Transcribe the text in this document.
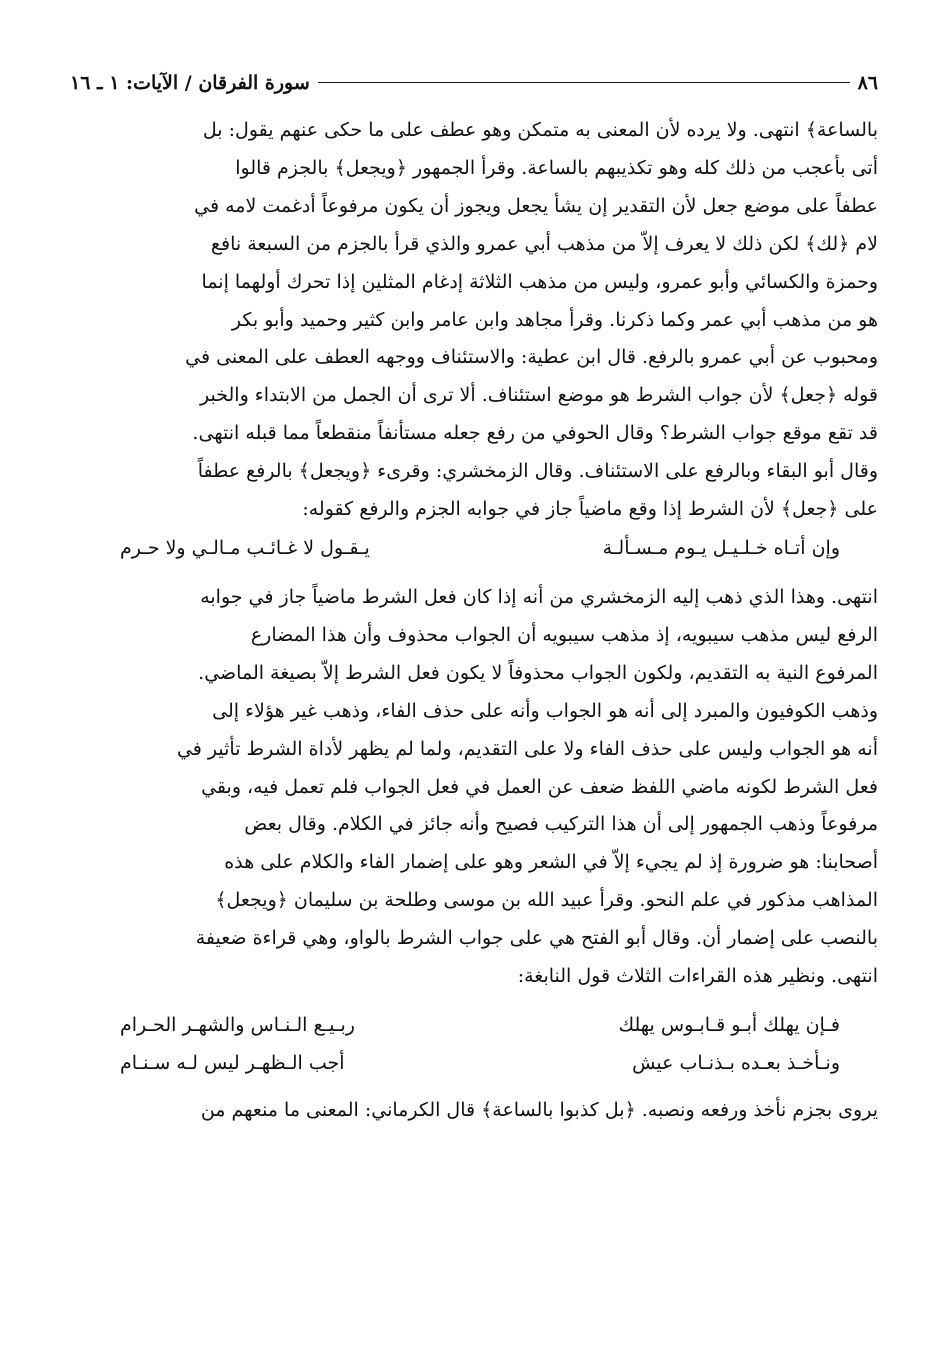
٨٦
سورة الفرقان / الآيات: ١ ـ ١٦

بالساعة﴾ انتهى. ولا يرده لأن المعنى به متمكن وهو عطف على ما حكى عنهم يقول: بل

أتى بأعجب من ذلك كله وهو تكذيبهم بالساعة. وقرأ الجمهور ﴿ويجعل﴾ بالجزم قالوا

عطفاً على موضع جعل لأن التقدير إن يشأ يجعل ويجوز أن يكون مرفوعاً أدغمت لامه في

لام ﴿لك﴾ لكن ذلك لا يعرف إلاّ من مذهب أبي عمرو والذي قرأ بالجزم من السبعة نافع

وحمزة والكسائي وأبو عمرو، وليس من مذهب الثلاثة إدغام المثلين إذا تحرك أولهما إنما

هو من مذهب أبي عمر وكما ذكرنا. وقرأ مجاهد وابن عامر وابن كثير وحميد وأبو بكر

ومحبوب عن أبي عمرو بالرفع. قال ابن عطية: والاستئناف ووجهه العطف على المعنى في

قوله ﴿جعل﴾ لأن جواب الشرط هو موضع استئناف. ألا ترى أن الجمل من الابتداء والخبر

قد تقع موقع جواب الشرط؟ وقال الحوفي من رفع جعله مستأنفاً منقطعاً مما قبله انتهى.

وقال أبو البقاء وبالرفع على الاستئناف. وقال الزمخشري: وقرىء ﴿ويجعل﴾ بالرفع عطفاً

على ﴿جعل﴾ لأن الشرط إذا وقع ماضياً جاز في جوابه الجزم والرفع كقوله:

وإن أتـاه خـلـيـل يـوم مـسـألـة
يـقـول لا غـائـب مـالـي ولا حـرم

انتهى. وهذا الذي ذهب إليه الزمخشري من أنه إذا كان فعل الشرط ماضياً جاز في جوابه

الرفع ليس مذهب سيبويه، إذ مذهب سيبويه أن الجواب محذوف وأن هذا المضارع

المرفوع النية به التقديم، ولكون الجواب محذوفاً لا يكون فعل الشرط إلاّ بصيغة الماضي.

وذهب الكوفيون والمبرد إلى أنه هو الجواب وأنه على حذف الفاء، وذهب غير هؤلاء إلى

أنه هو الجواب وليس على حذف الفاء ولا على التقديم، ولما لم يظهر لأداة الشرط تأثير في

فعل الشرط لكونه ماضي اللفظ ضعف عن العمل في فعل الجواب فلم تعمل فيه، وبقي

مرفوعاً وذهب الجمهور إلى أن هذا التركيب فصيح وأنه جائز في الكلام. وقال بعض

أصحابنا: هو ضرورة إذ لم يجيء إلاّ في الشعر وهو على إضمار الفاء والكلام على هذه

المذاهب مذكور في علم النحو. وقرأ عبيد الله بن موسى وطلحة بن سليمان ﴿ويجعل﴾

بالنصب على إضمار أن. وقال أبو الفتح هي على جواب الشرط بالواو، وهي قراءة ضعيفة

انتهى. ونظير هذه القراءات الثلاث قول النابغة:

فـإن يهلك أبـو قـابـوس يهلك
ربـيـع الـنـاس والشهـر الحـرام
ونـأخـذ بعـده بـذنـاب عيش
أجب الـظهـر ليس لـه سـنـام

يروى بجزم نأخذ ورفعه ونصبه. ﴿بل كذبوا بالساعة﴾ قال الكرماني: المعنى ما منعهم من
